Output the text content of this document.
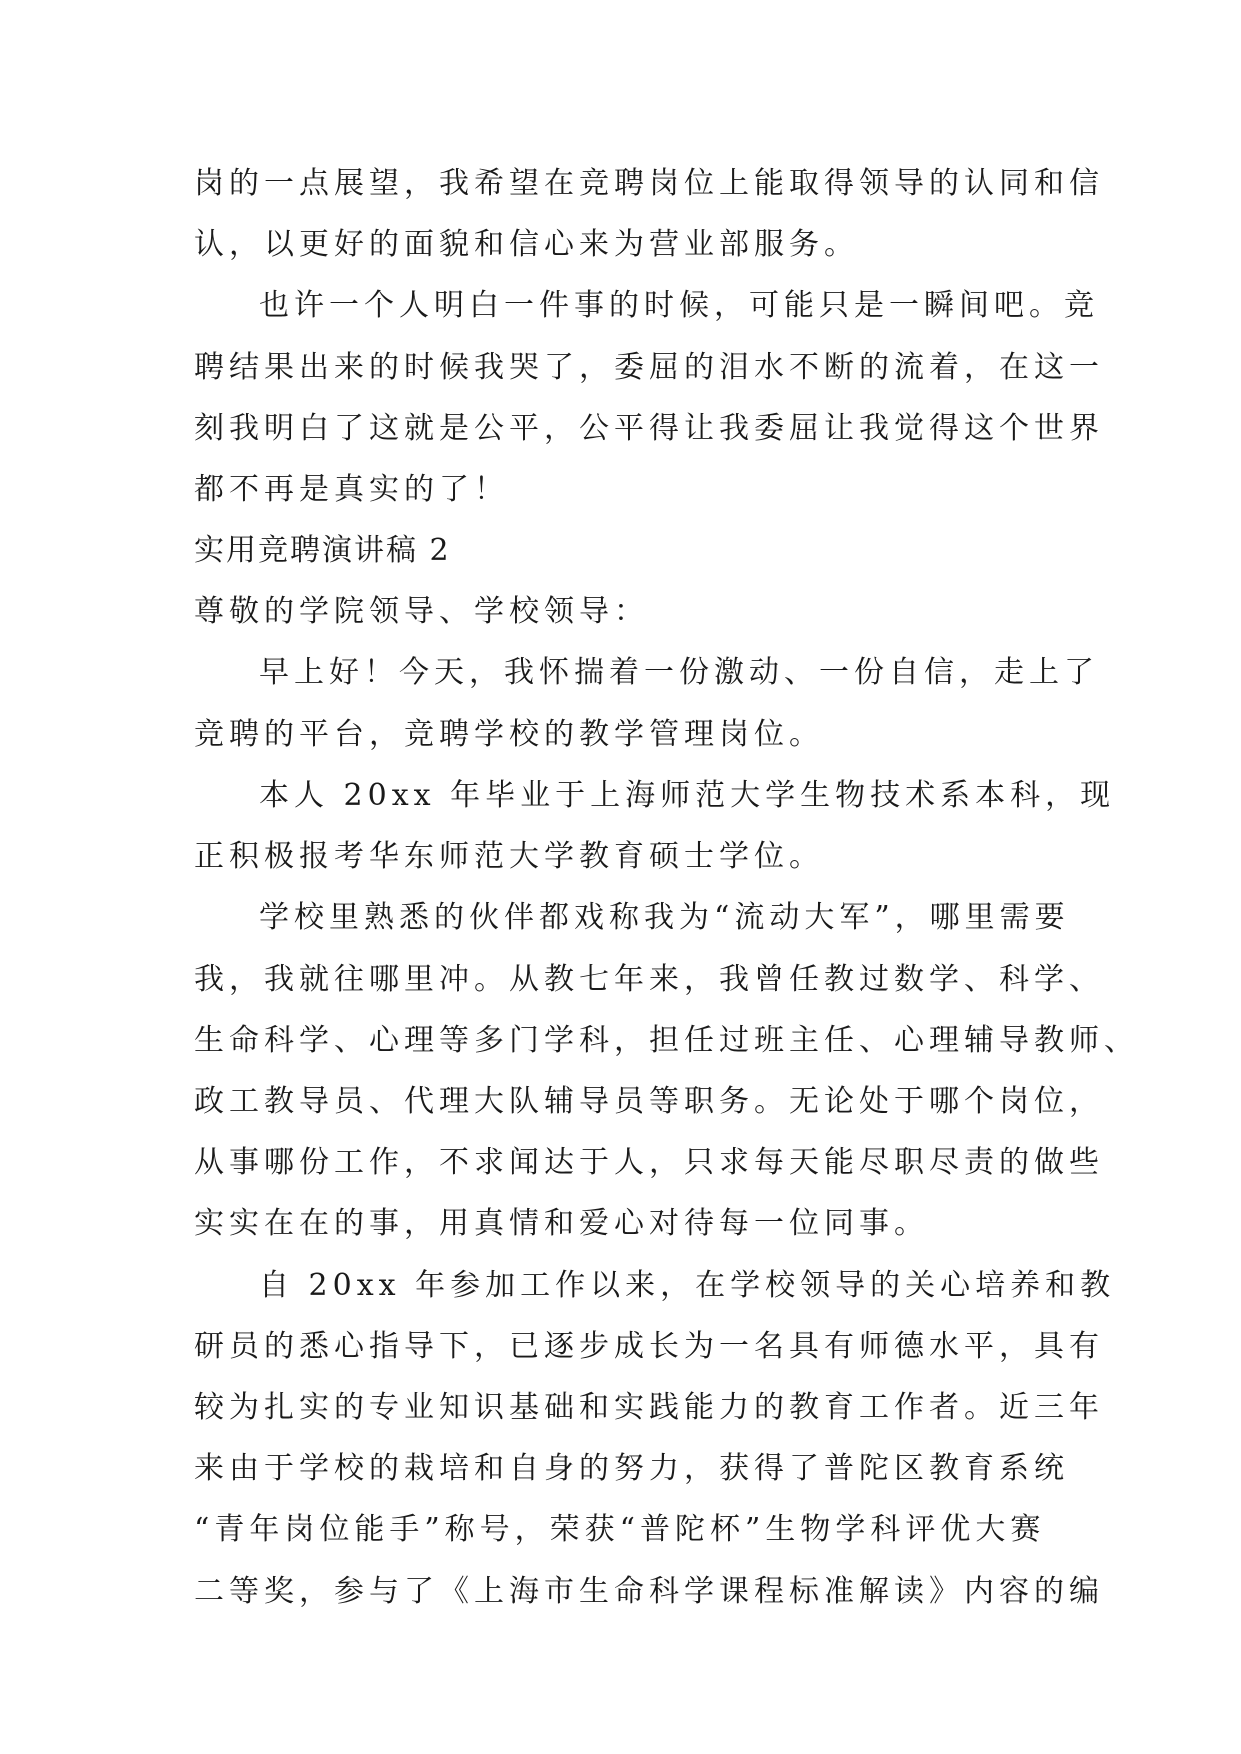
岗的一点展望，我希望在竞聘岗位上能取得领导的认同和信
认，以更好的面貌和信心来为营业部服务。
也许一个人明白一件事的时候，可能只是一瞬间吧。竞
聘结果出来的时候我哭了，委屈的泪水不断的流着，在这一
刻我明白了这就是公平，公平得让我委屈让我觉得这个世界
都不再是真实的了！
实用竞聘演讲稿 2
尊敬的学院领导、学校领导：
早上好！今天，我怀揣着一份激动、一份自信，走上了
竞聘的平台，竞聘学校的教学管理岗位。
本人 20xx 年毕业于上海师范大学生物技术系本科，现
正积极报考华东师范大学教育硕士学位。
学校里熟悉的伙伴都戏称我为“流动大军”，哪里需要
我，我就往哪里冲。从教七年来，我曾任教过数学、科学、
生命科学、心理等多门学科，担任过班主任、心理辅导教师、
政工教导员、代理大队辅导员等职务。无论处于哪个岗位，
从事哪份工作，不求闻达于人，只求每天能尽职尽责的做些
实实在在的事，用真情和爱心对待每一位同事。
自 20xx 年参加工作以来，在学校领导的关心培养和教
研员的悉心指导下，已逐步成长为一名具有师德水平，具有
较为扎实的专业知识基础和实践能力的教育工作者。近三年
来由于学校的栽培和自身的努力，获得了普陀区教育系统
“青年岗位能手”称号，荣获“普陀杯”生物学科评优大赛
二等奖，参与了《上海市生命科学课程标准解读》内容的编
